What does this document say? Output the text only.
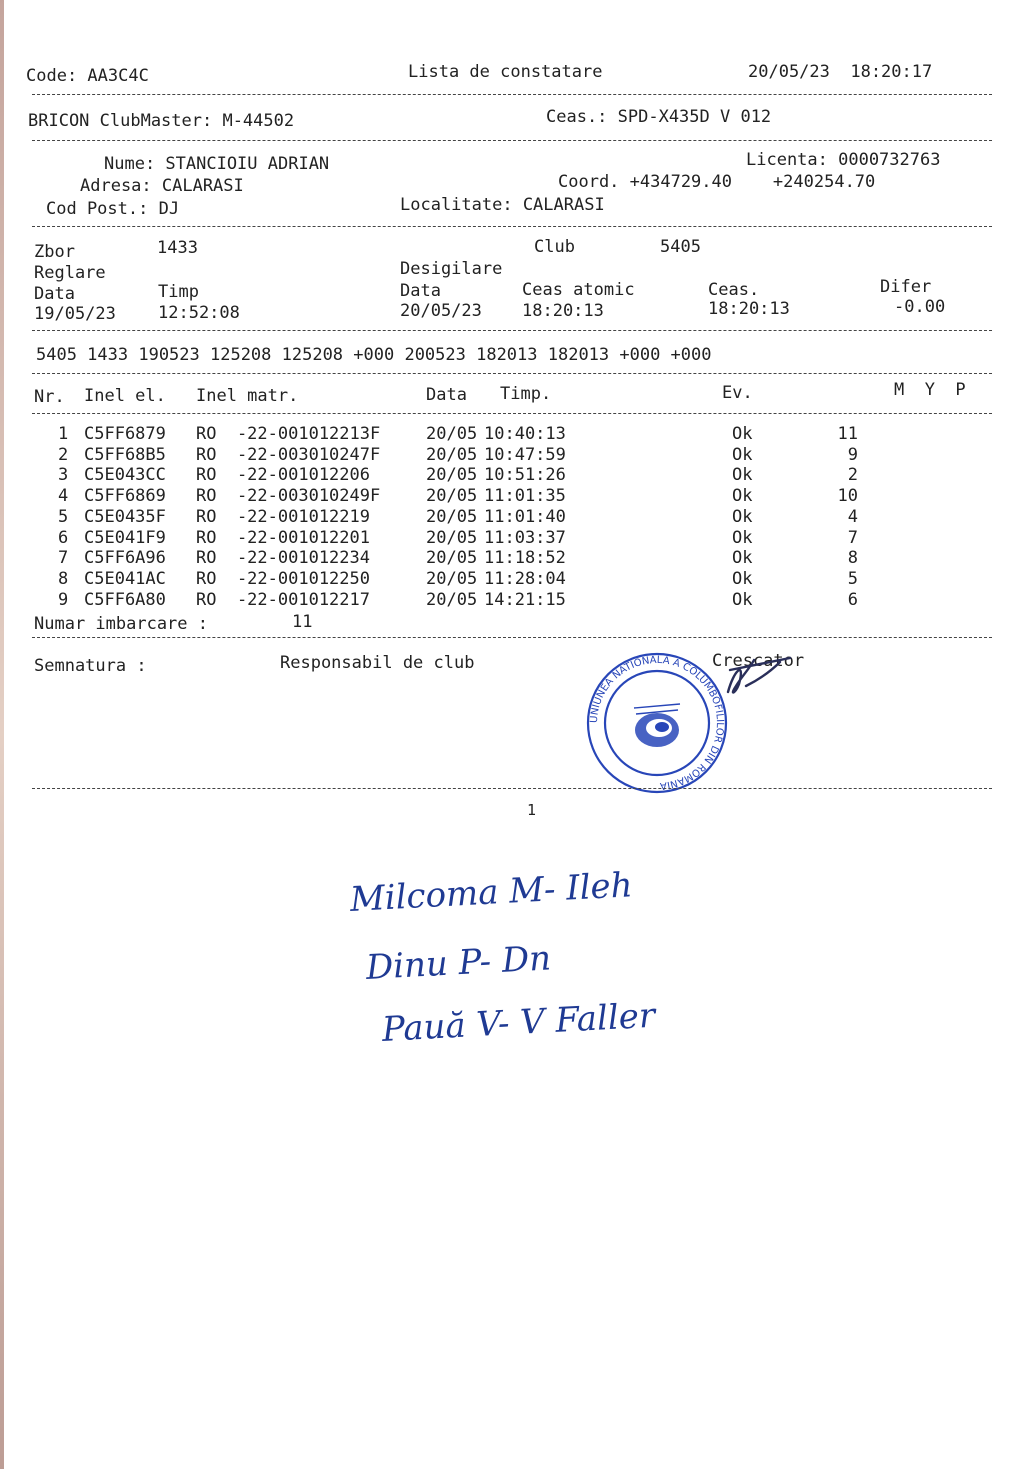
Code: AA3C4C	Lista de constatare	20/05/23  18:20:17
BRICON ClubMaster: M-44502	Ceas.: SPD-X435D V 012
Nume: STANCIOIU ADRIAN	Licenta: 0000732763
Adresa: CALARASI	Coord. +434729.40    +240254.70
Cod Post.: DJ	Localitate: CALARASI
Zbor	1433	Club	5405
Reglare	Desigilare
Data	Timp	Data	Ceas atomic	Ceas.	Difer
19/05/23 12:52:08	20/05/23 18:20:13	18:20:13	-0.00
5405 1433 190523 125208 125208 +000 200523 182013 182013 +000 +000
Nr. Inel el. Inel matr.	Data Timp.	Ev.	M  Y  P
1 C5FF6879 RO  -22-001012213F	20/05 10:40:13	Ok	11
2 C5FF68B5 RO  -22-003010247F	20/05 10:47:59	Ok	9
3 C5E043CC RO  -22-001012206	20/05 10:51:26	Ok	2
4 C5FF6869 RO  -22-003010249F	20/05 11:01:35	Ok	10
5 C5E0435F RO  -22-001012219	20/05 11:01:40	Ok	4
6 C5E041F9 RO  -22-001012201	20/05 11:03:37	Ok	7
7 C5FF6A96 RO  -22-001012234	20/05 11:18:52	Ok	8
8 C5E041AC RO  -22-001012250	20/05 11:28:04	Ok	5
9 C5FF6A80 RO  -22-001012217	20/05 14:21:15	Ok	6
Numar imbarcare :	11
Semnatura :	Responsabil de club	Crescator
UNIUNEA NATIONALA A COLUMBOFILILOR DIN ROMANIA
1
Milcoma M- Ileh
Dinu P- Dn
Pauă V- V Faller
